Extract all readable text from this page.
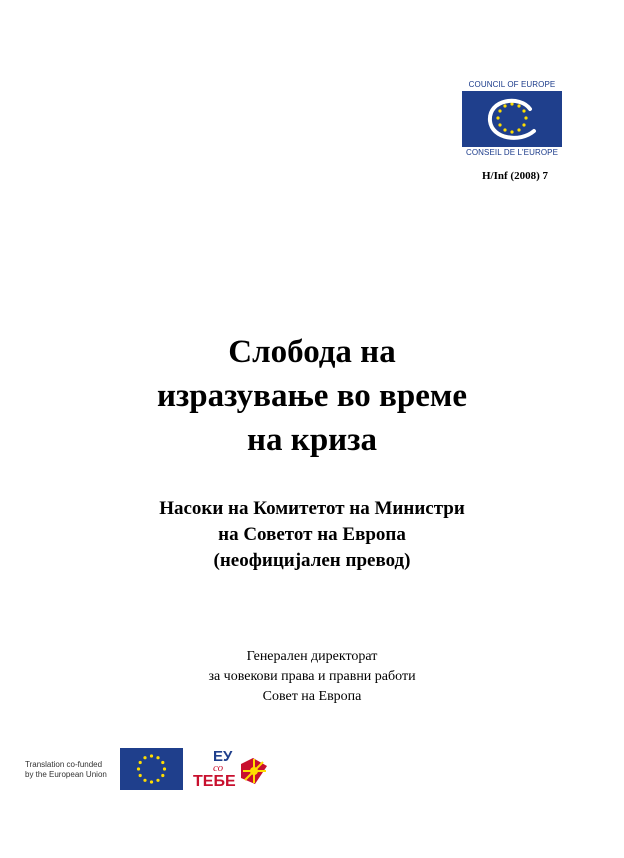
COUNCIL OF EUROPE
CONSEIL DE L'EUROPE
H/Inf (2008) 7
Слобода на
изразување во време
на криза
Насоки на Комитетот на Министри
на Советот на Европа
(неофицијален превод)
Генерален директорат
за човекови права и правни работи
Совет на Европа
Translation co-funded
by the European Union
ЕУ
со
ТЕБЕ
